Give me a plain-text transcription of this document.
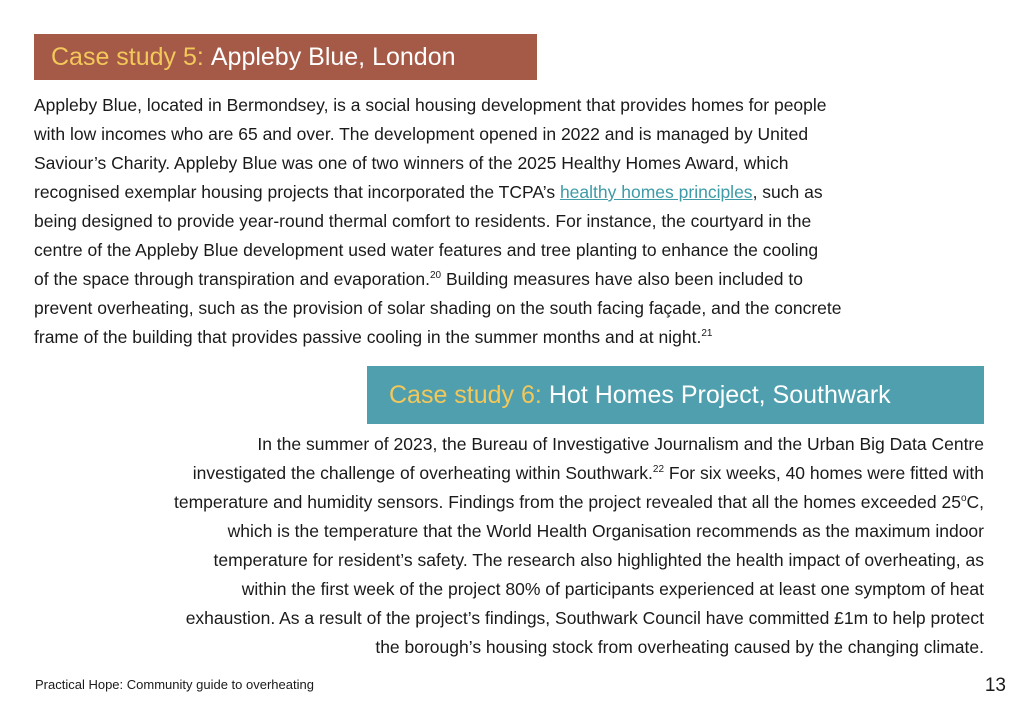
Case study 5: Appleby Blue, London

Appleby Blue, located in Bermondsey, is a social housing development that provides homes for people
with low incomes who are 65 and over. The development opened in 2022 and is managed by United
Saviour’s Charity. Appleby Blue was one of two winners of the 2025 Healthy Homes Award, which
recognised exemplar housing projects that incorporated the TCPA’s healthy homes principles, such as
being designed to provide year-round thermal comfort to residents. For instance, the courtyard in the
centre of the Appleby Blue development used water features and tree planting to enhance the cooling
of the space through transpiration and evaporation.$^{20}$ Building measures have also been included to
prevent overheating, such as the provision of solar shading on the south facing façade, and the concrete
frame of the building that provides passive cooling in the summer months and at night.$^{21}$

Case study 6: Hot Homes Project, Southwark

In the summer of 2023, the Bureau of Investigative Journalism and the Urban Big Data Centre
investigated the challenge of overheating within Southwark.$^{22}$ For six weeks, 40 homes were fitted with
temperature and humidity sensors. Findings from the project revealed that all the homes exceeded 25$^o$C,
which is the temperature that the World Health Organisation recommends as the maximum indoor
temperature for resident’s safety. The research also highlighted the health impact of overheating, as
within the first week of the project 80% of participants experienced at least one symptom of heat
exhaustion. As a result of the project’s findings, Southwark Council have committed £1m to help protect
the borough’s housing stock from overheating caused by the changing climate.

Practical Hope: Community guide to overheating	13
